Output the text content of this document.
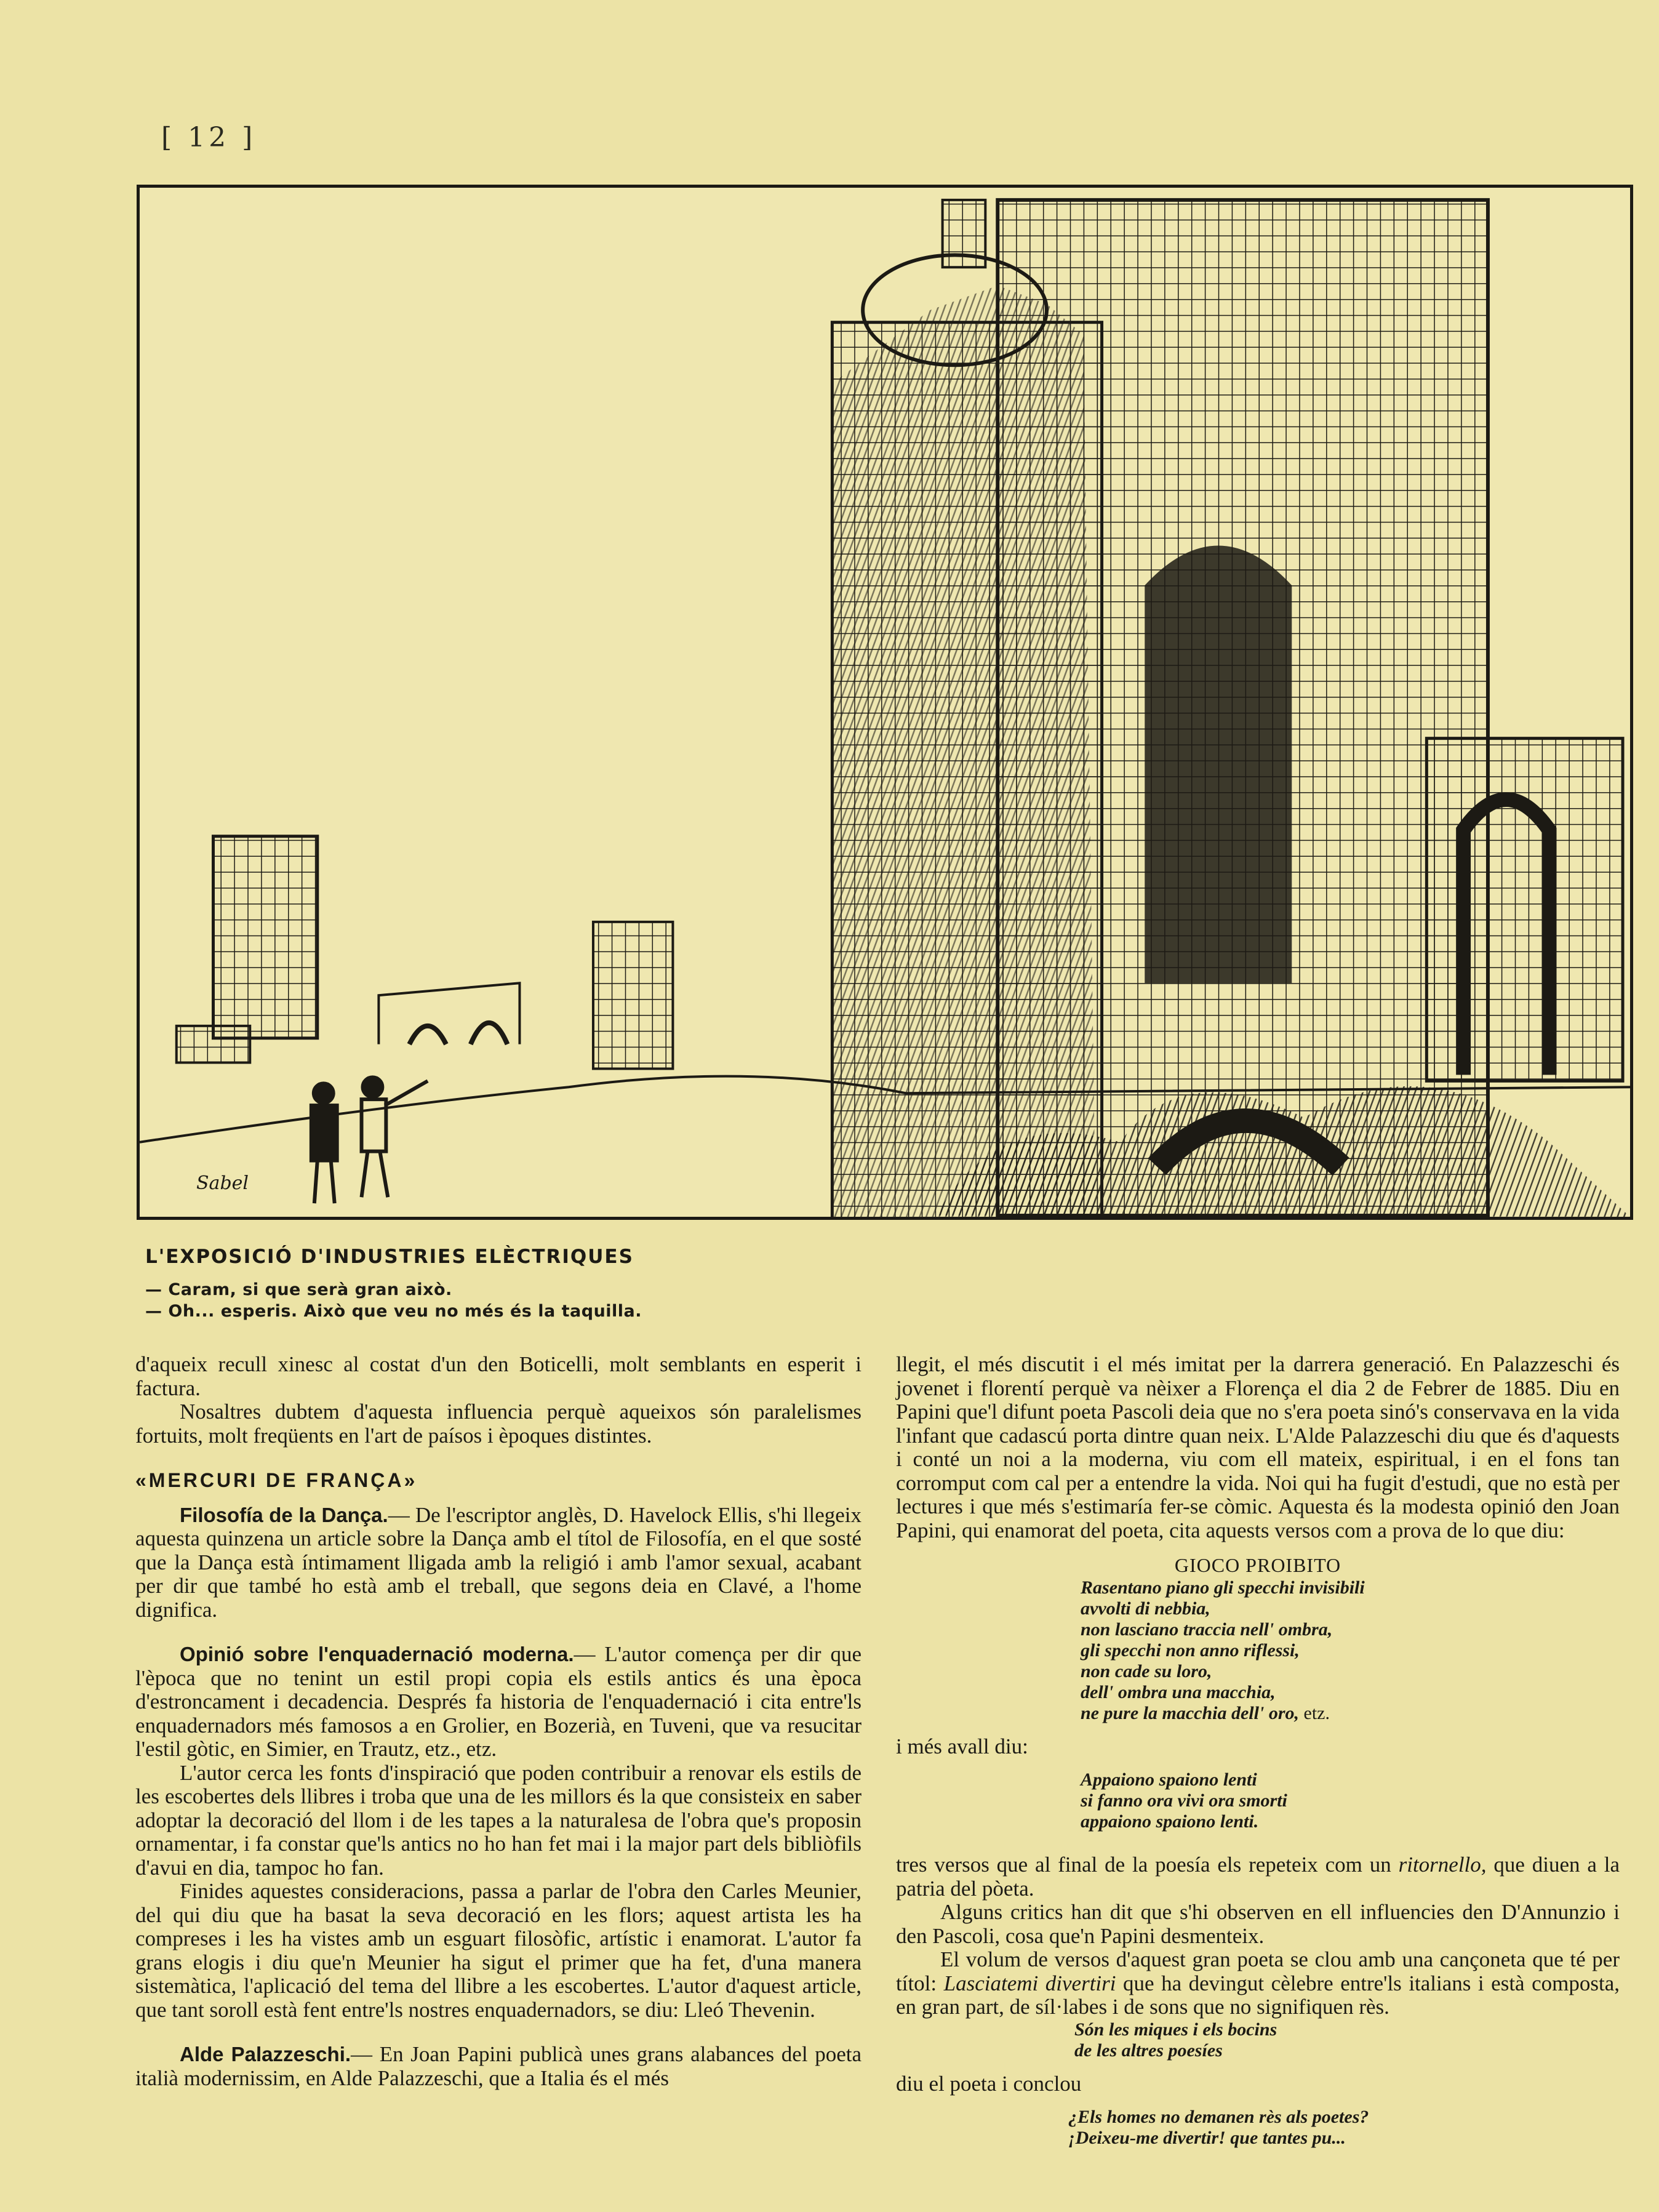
[ 12 ]
Sabel

L'EXPOSICIÓ D'INDUSTRIES ELÈCTRIQUES

— Caram, si que serà gran això.

— Oh... esperis. Això que veu no més és la taquilla.

d'aqueix recull xinesc al costat d'un den Boticelli, molt semblants en esperit i factura.

Nosaltres dubtem d'aquesta influencia perquè aqueixos són paralelismes fortuits, molt freqüents en l'art de paísos i èpoques distintes.

«MERCURI DE FRANÇA»

Filosofía de la Dança.— De l'escriptor anglès, D. Havelock Ellis, s'hi llegeix aquesta quinzena un article sobre la Dança amb el títol de Filosofía, en el que sosté que la Dança està íntimament lligada amb la religió i amb l'amor sexual, acabant per dir que també ho està amb el treball, que segons deia en Clavé, a l'home dignifica.

Opinió sobre l'enquadernació moderna.— L'autor comença per dir que l'època que no tenint un estil propi copia els estils antics és una època d'estroncament i decadencia. Després fa historia de l'enquadernació i cita entre'ls enquadernadors més famosos a en Grolier, en Bozerià, en Tuveni, que va resucitar l'estil gòtic, en Simier, en Trautz, etz., etz.

L'autor cerca les fonts d'inspiració que poden contribuir a renovar els estils de les escobertes dels llibres i troba que una de les millors és la que consisteix en saber adoptar la decoració del llom i de les tapes a la naturalesa de l'obra que's proposin ornamentar, i fa constar que'ls antics no ho han fet mai i la major part dels bibliòfils d'avui en dia, tampoc ho fan.

Finides aquestes consideracions, passa a parlar de l'obra den Carles Meunier, del qui diu que ha basat la seva decoració en les flors; aquest artista les ha compreses i les ha vistes amb un esguart filosòfic, artístic i enamorat. L'autor fa grans elogis i diu que'n Meunier ha sigut el primer que ha fet, d'una manera sistemàtica, l'aplicació del tema del llibre a les escobertes. L'autor d'aquest article, que tant soroll està fent entre'ls nostres enquadernadors, se diu: Lleó Thevenin.

Alde Palazzeschi.— En Joan Papini publicà unes grans alabances del poeta italià modernissim, en Alde Palazzeschi, que a Italia és el més

llegit, el més discutit i el més imitat per la darrera generació. En Palazzeschi és jovenet i florentí perquè va nèixer a Florença el dia 2 de Febrer de 1885. Diu en Papini que'l difunt poeta Pascoli deia que no s'era poeta sinó's conservava en la vida l'infant que cadascú porta dintre quan neix. L'Alde Palazzeschi diu que és d'aquests i conté un noi a la moderna, viu com ell mateix, espiritual, i en el fons tan corromput com cal per a entendre la vida. Noi qui ha fugit d'estudi, que no està per lectures i que més s'estimaría fer-se còmic. Aquesta és la modesta opinió den Joan Papini, qui enamorat del poeta, cita aquests versos com a prova de lo que diu:

GIOCO PROIBITO

Rasentano piano gli specchi invisibili
avvolti di nebbia,
non lasciano traccia nell' ombra,
gli specchi non anno riflessi,
non cade su loro,
dell' ombra una macchia,
ne pure la macchia dell' oro, etz.

i més avall diu:

Appaiono spaiono lenti
si fanno ora vivi ora smorti
appaiono spaiono lenti.

tres versos que al final de la poesía els repeteix com un ritornello, que diuen a la patria del pòeta.

Alguns critics han dit que s'hi observen en ell influencies den D'Annunzio i den Pascoli, cosa que'n Papini desmenteix.

El volum de versos d'aquest gran poeta se clou amb una cançoneta que té per títol: Lasciatemi divertiri que ha devingut cèlebre entre'ls italians i està composta, en gran part, de síl·labes i de sons que no signifiquen rès.

Són les miques i els bocins
de les altres poesíes

diu el poeta i conclou

¿Els homes no demanen rès als poetes?
¡Deixeu-me divertir! que tantes pu...
